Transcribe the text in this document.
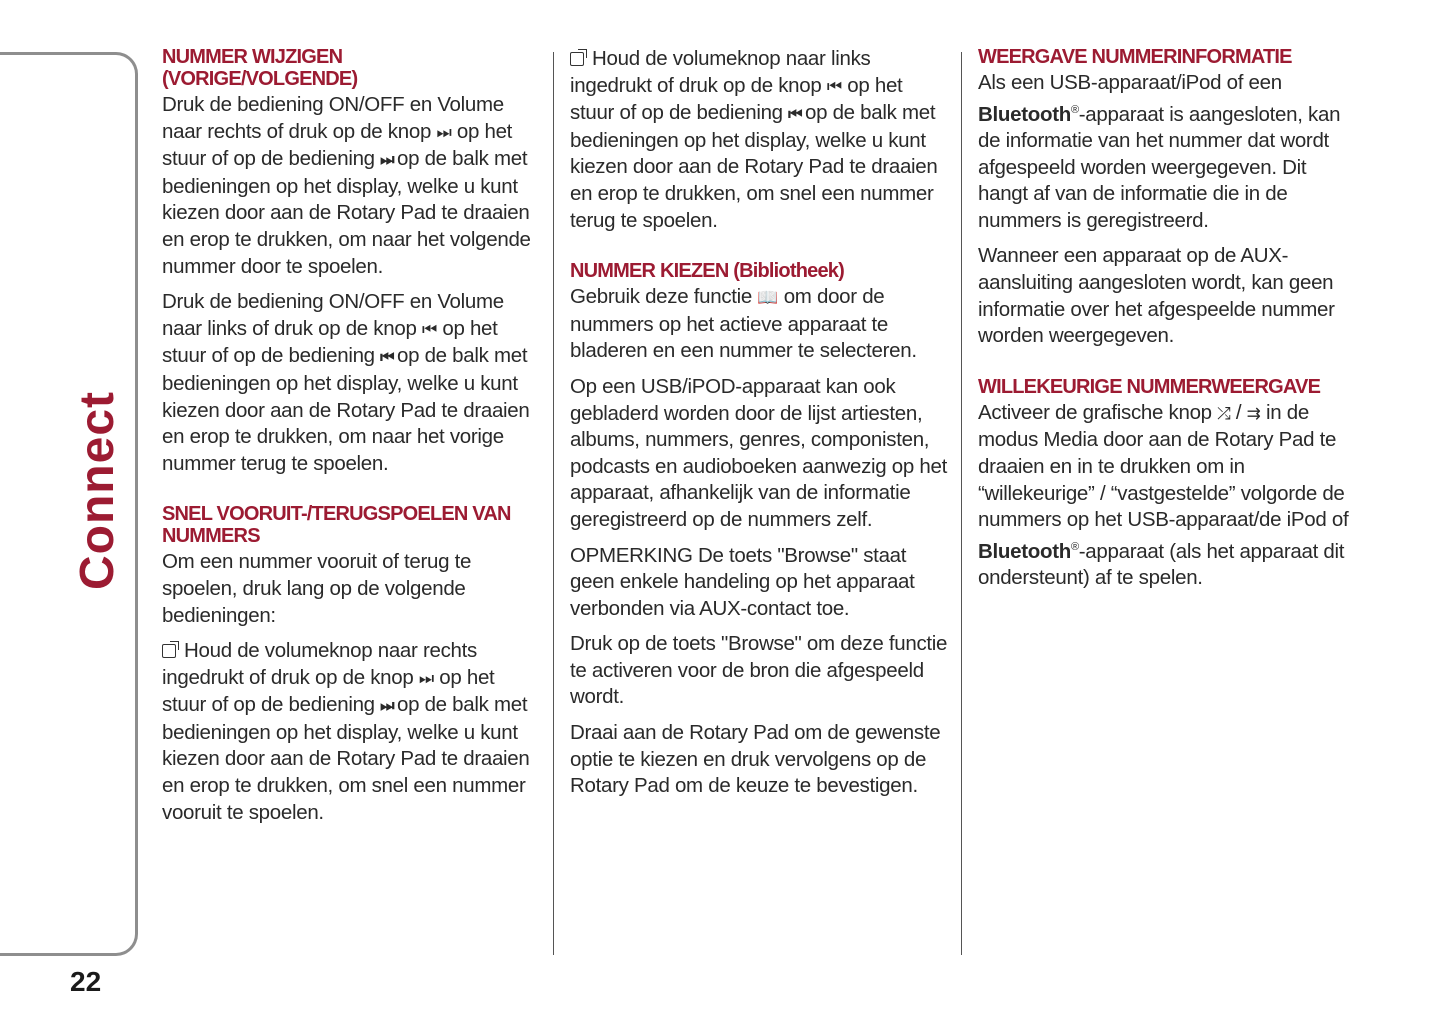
Connect
22
NUMMER WIJZIGEN (VORIGE/VOLGENDE)

Druk de bediening ON/OFF en Volume naar rechts of druk op de knop ⏭ op het stuur of op de bediening ⏭ op de balk met bedieningen op het display, welke u kunt kiezen door aan de Rotary Pad te draaien en erop te drukken, om naar het volgende nummer door te spoelen.

Druk de bediening ON/OFF en Volume naar links of druk op de knop ⏮ op het stuur of op de bediening ⏮ op de balk met bedieningen op het display, welke u kunt kiezen door aan de Rotary Pad te draaien en erop te drukken, om naar het vorige nummer terug te spoelen.

SNEL VOORUIT-/TERUGSPOELEN VAN NUMMERS

Om een nummer vooruit of terug te spoelen, druk lang op de volgende bedieningen:

Houd de volumeknop naar rechts ingedrukt of druk op de knop ⏭ op het stuur of op de bediening ⏭ op de balk met bedieningen op het display, welke u kunt kiezen door aan de Rotary Pad te draaien en erop te drukken, om snel een nummer vooruit te spoelen.

Houd de volumeknop naar links ingedrukt of druk op de knop ⏮ op het stuur of op de bediening ⏮ op de balk met bedieningen op het display, welke u kunt kiezen door aan de Rotary Pad te draaien en erop te drukken, om snel een nummer terug te spoelen.

NUMMER KIEZEN (Bibliotheek)

Gebruik deze functie 📖 om door de nummers op het actieve apparaat te bladeren en een nummer te selecteren.

Op een USB/iPOD-apparaat kan ook gebladerd worden door de lijst artiesten, albums, nummers, genres, componisten, podcasts en audioboeken aanwezig op het apparaat, afhankelijk van de informatie geregistreerd op de nummers zelf.

OPMERKING De toets "Browse" staat geen enkele handeling op het apparaat verbonden via AUX-contact toe.

Druk op de toets "Browse" om deze functie te activeren voor de bron die afgespeeld wordt.

Draai aan de Rotary Pad om de gewenste optie te kiezen en druk vervolgens op de Rotary Pad om de keuze te bevestigen.

WEERGAVE NUMMERINFORMATIE

Als een USB-apparaat/iPod of een Bluetooth®-apparaat is aangesloten, kan de informatie van het nummer dat wordt afgespeeld worden weergegeven. Dit hangt af van de informatie die in de nummers is geregistreerd.

Wanneer een apparaat op de AUX-aansluiting aangesloten wordt, kan geen informatie over het afgespeelde nummer worden weergegeven.

WILLEKEURIGE NUMMERWEERGAVE

Activeer de grafische knop ⤮ / ⇉ in de modus Media door aan de Rotary Pad te draaien en in te drukken om in “willekeurige” / “vastgestelde” volgorde de nummers op het USB-apparaat/de iPod of Bluetooth®-apparaat (als het apparaat dit ondersteunt) af te spelen.
